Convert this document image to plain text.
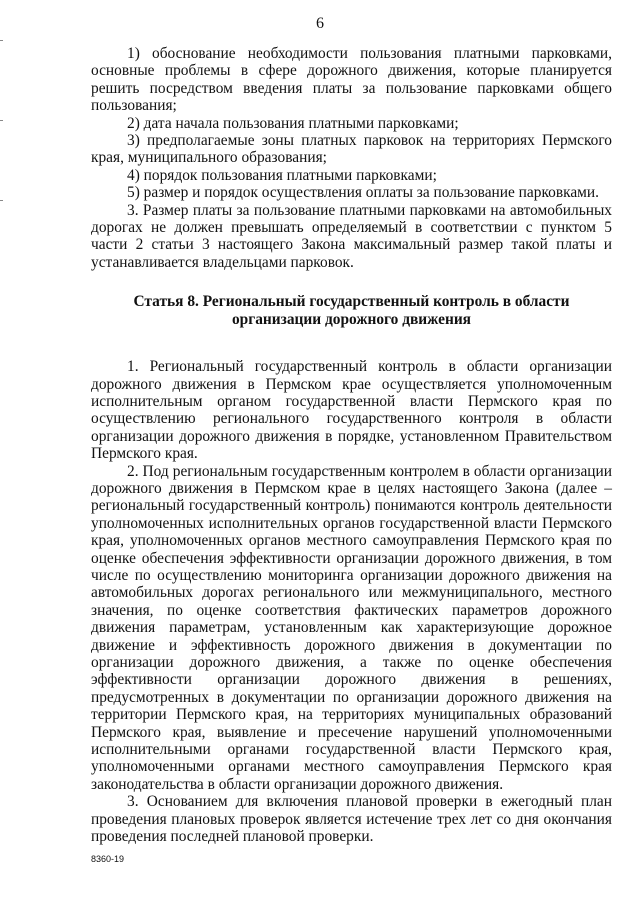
6

1) обоснование необходимости пользования платными парковками, основные проблемы в сфере дорожного движения, которые планируется решить посредством введения платы за пользование парковками общего пользования;

2) дата начала пользования платными парковками;

3) предполагаемые зоны платных парковок на территориях Пермского края, муниципального образования;

4) порядок пользования платными парковками;

5) размер и порядок осуществления оплаты за пользование парковками.

3. Размер платы за пользование платными парковками на автомобильных дорогах не должен превышать определяемый в соответствии с пунктом 5 части 2 статьи 3 настоящего Закона максимальный размер такой платы и устанавливается владельцами парковок.

Статья 8. Региональный государственный контроль в области
организации дорожного движения

1. Региональный государственный контроль в области организации дорожного движения в Пермском крае осуществляется уполномоченным исполнительным органом государственной власти Пермского края по осуществлению регионального государственного контроля в области организации дорожного движения в порядке, установленном Правительством Пермского края.

2. Под региональным государственным контролем в области организации дорожного движения в Пермском крае в целях настоящего Закона (далее – региональный государственный контроль) понимаются контроль деятельности уполномоченных исполнительных органов государственной власти Пермского края, уполномоченных органов местного самоуправления Пермского края по оценке обеспечения эффективности организации дорожного движения, в том числе по осуществлению мониторинга организации дорожного движения на автомобильных дорогах регионального или межмуниципального, местного значения, по оценке соответствия фактических параметров дорожного движения параметрам, установленным как характеризующие дорожное движение и эффективность дорожного движения в документации по организации дорожного движения, а также по оценке обеспечения эффективности организации дорожного движения в решениях, предусмотренных в документации по организации дорожного движения на территории Пермского края, на территориях муниципальных образований Пермского края, выявление и пресечение нарушений уполномоченными исполнительными органами государственной власти Пермского края, уполномоченными органами местного самоуправления Пермского края законодательства в области организации дорожного движения.

3. Основанием для включения плановой проверки в ежегодный план проведения плановых проверок является истечение трех лет со дня окончания проведения последней плановой проверки.

8360-19
